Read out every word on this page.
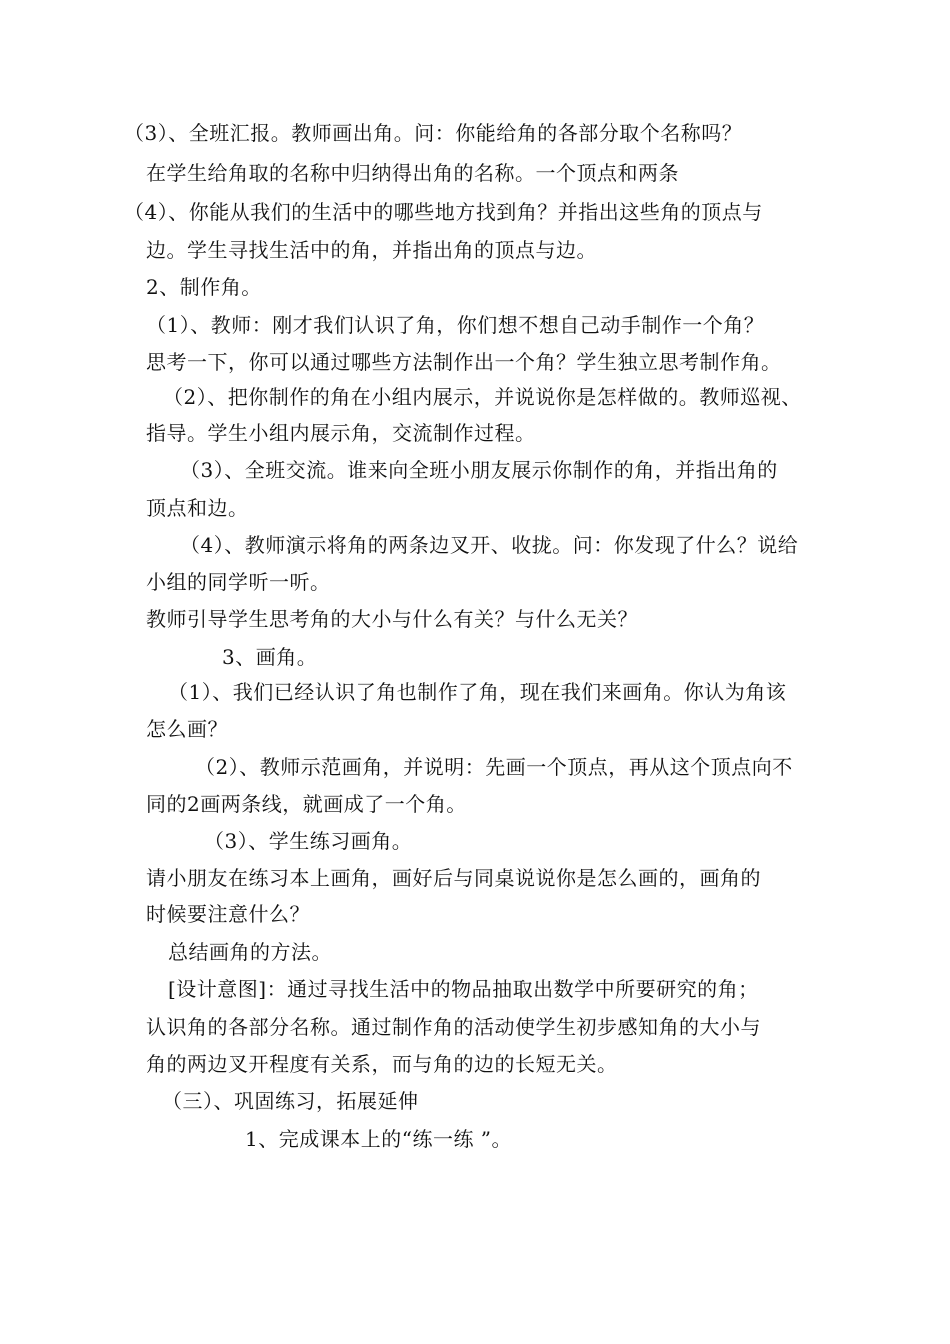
（3）、全班汇报。教师画出角。问：你能给角的各部分取个名称吗？
在学生给角取的名称中归纳得出角的名称。一个顶点和两条
（4）、你能从我们的生活中的哪些地方找到角？并指出这些角的顶点与
边。学生寻找生活中的角，并指出角的顶点与边。
2、制作角。
（1）、教师：刚才我们认识了角，你们想不想自己动手制作一个角？
思考一下，你可以通过哪些方法制作出一个角？学生独立思考制作角。
（2）、把你制作的角在小组内展示，并说说你是怎样做的。教师巡视、
指导。学生小组内展示角，交流制作过程。
（3）、全班交流。谁来向全班小朋友展示你制作的角，并指出角的
顶点和边。
（4）、教师演示将角的两条边叉开、收拢。问：你发现了什么？说给
小组的同学听一听。
教师引导学生思考角的大小与什么有关？与什么无关？
3、画角。
（1）、我们已经认识了角也制作了角，现在我们来画角。你认为角该
怎么画？
（2）、教师示范画角，并说明：先画一个顶点，再从这个顶点向不
同的2画两条线，就画成了一个角。
（3）、学生练习画角。
请小朋友在练习本上画角，画好后与同桌说说你是怎么画的，画角的
时候要注意什么？
总结画角的方法。
[设计意图]：通过寻找生活中的物品抽取出数学中所要研究的角；
认识角的各部分名称。通过制作角的活动使学生初步感知角的大小与
角的两边叉开程度有关系，而与角的边的长短无关。
（三）、巩固练习，拓展延伸
1、完成课本上的“练一练 ”。
